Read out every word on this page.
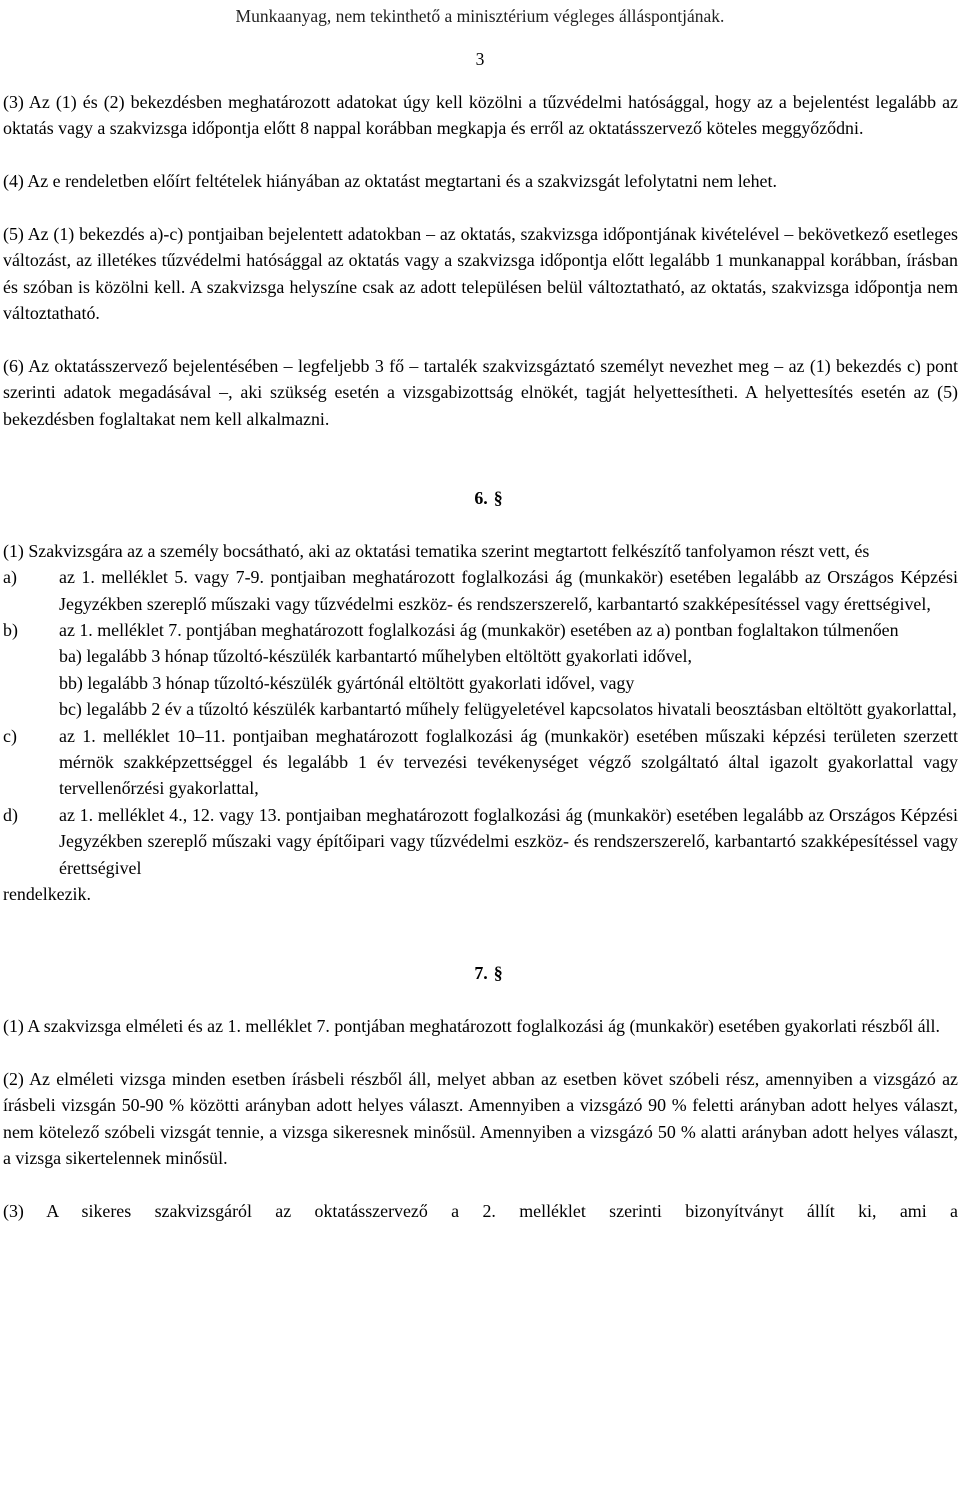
Munkaanyag, nem tekinthető a minisztérium végleges álláspontjának.
3

(3) Az (1) és (2) bekezdésben meghatározott adatokat úgy kell közölni a tűzvédelmi hatósággal, hogy az a bejelentést legalább az oktatás vagy a szakvizsga időpontja előtt 8 nappal korábban megkapja és erről az oktatásszervező köteles meggyőződni.

(4) Az e rendeletben előírt feltételek hiányában az oktatást megtartani és a szakvizsgát lefolytatni nem lehet.

(5) Az (1) bekezdés a)-c) pontjaiban bejelentett adatokban ‒ az oktatás, szakvizsga időpontjának kivételével ‒ bekövetkező esetleges változást, az illetékes tűzvédelmi hatósággal az oktatás vagy a szakvizsga időpontja előtt legalább 1 munkanappal korábban, írásban és szóban is közölni kell. A szakvizsga helyszíne csak az adott településen belül változtatható, az oktatás, szakvizsga időpontja nem változtatható.

(6) Az oktatásszervező bejelentésében ‒ legfeljebb 3 fő ‒ tartalék szakvizsgáztató személyt nevezhet meg ‒ az (1) bekezdés c) pont szerinti adatok megadásával ‒, aki szükség esetén a vizsgabizottság elnökét, tagját helyettesítheti. A helyettesítés esetén az (5) bekezdésben foglaltakat nem kell alkalmazni.

6. §

(1) Szakvizsgára az a személy bocsátható, aki az oktatási tematika szerint megtartott felkészítő tanfolyamon részt vett, és

a)	az 1. melléklet 5. vagy 7-9. pontjaiban meghatározott foglalkozási ág (munkakör) esetében legalább az Országos Képzési Jegyzékben szereplő műszaki vagy tűzvédelmi eszköz- és rendszerszerelő, karbantartó szakképesítéssel vagy érettségivel,
b)	az 1. melléklet 7. pontjában meghatározott foglalkozási ág (munkakör) esetében az a) pontban foglaltakon túlmenően
ba) legalább 3 hónap tűzoltó-készülék karbantartó műhelyben eltöltött gyakorlati idővel,
bb) legalább 3 hónap tűzoltó-készülék gyártónál eltöltött gyakorlati idővel, vagy
bc) legalább 2 év a tűzoltó készülék karbantartó műhely felügyeletével kapcsolatos hivatali beosztásban eltöltött gyakorlattal,
c)	az 1. melléklet 10‒11. pontjaiban meghatározott foglalkozási ág (munkakör) esetében műszaki képzési területen szerzett mérnök szakképzettséggel és legalább 1 év tervezési tevékenységet végző szolgáltató által igazolt gyakorlattal vagy tervellenőrzési gyakorlattal,
d)	az 1. melléklet 4., 12. vagy 13. pontjaiban meghatározott foglalkozási ág (munkakör) esetében legalább az Országos Képzési Jegyzékben szereplő műszaki vagy építőipari vagy tűzvédelmi eszköz- és rendszerszerelő, karbantartó szakképesítéssel vagy érettségivel

rendelkezik.

7. §

(1) A szakvizsga elméleti és az 1. melléklet 7. pontjában meghatározott foglalkozási ág (munkakör) esetében gyakorlati részből áll.

(2) Az elméleti vizsga minden esetben írásbeli részből áll, melyet abban az esetben követ szóbeli rész, amennyiben a vizsgázó az írásbeli vizsgán 50-90 % közötti arányban adott helyes választ. Amennyiben a vizsgázó 90 % feletti arányban adott helyes választ, nem kötelező szóbeli vizsgát tennie, a vizsga sikeresnek minősül. Amennyiben a vizsgázó 50 % alatti arányban adott helyes választ, a vizsga sikertelennek minősül.

(3) A sikeres szakvizsgáról az oktatásszervező a 2. melléklet szerinti bizonyítványt állít ki, ami a
